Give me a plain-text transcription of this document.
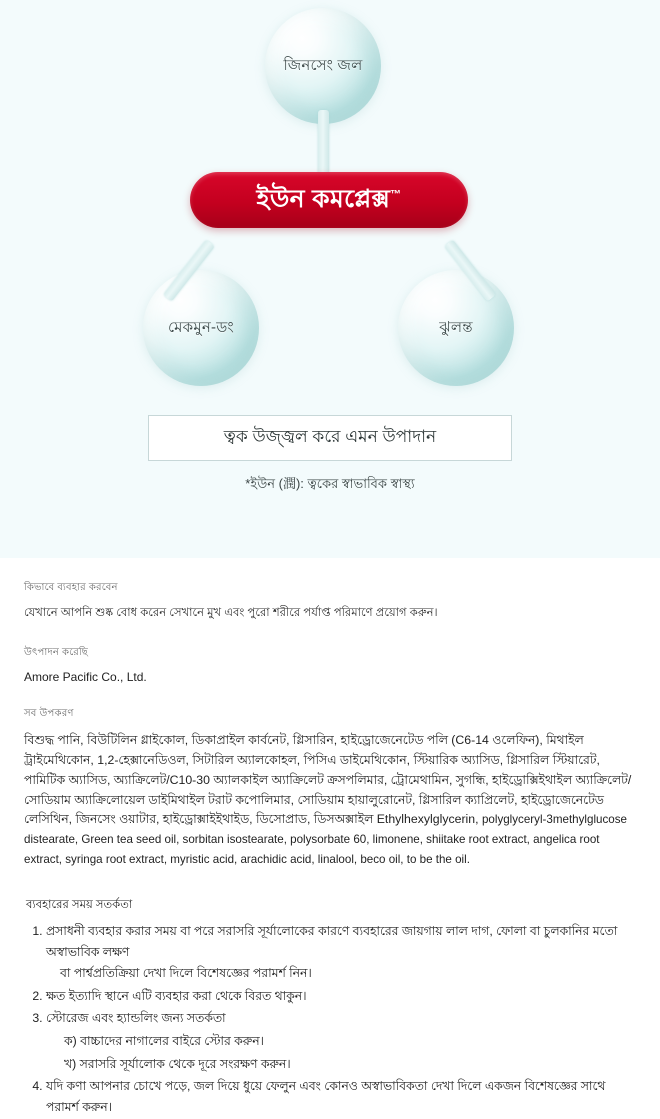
জিনসেং জল
মেকমুন-ডং	ঝুলন্ত
ইউন কমপ্লেক্স™
ত্বক উজ্জ্বল করে এমন উপাদান
*ইউন (潤): ত্বকের স্বাভাবিক স্বাস্থ্য

কিভাবে ব্যবহার করবেন

যেখানে আপনি শুষ্ক বোধ করেন সেখানে মুখ এবং পুরো শরীরে পর্যাপ্ত পরিমাণে প্রয়োগ করুন।

উৎপাদন করেছি

Amore Pacific Co., Ltd.

সব উপকরণ

বিশুদ্ধ পানি, বিউটিলিন গ্লাইকোল, ডিকাপ্রাইল কার্বনেট, গ্লিসারিন, হাইড্রোজেনেটেড পলি (C6-14 ওলেফিন), মিথাইল ট্রাইমেথিকোন, 1,2-হেক্সানেডিওল, সিটারিল অ্যালকোহল, পিসিএ ডাইমেথিকোন, স্টিয়ারিক অ্যাসিড, গ্লিসারিল স্টিয়ারেট, পামিটিক অ্যাসিড, অ্যাক্রিলেট/C10-30 অ্যালকাইল অ্যাক্রিলেট ক্রসপলিমার, ট্রোমেথামিন, সুগন্ধি, হাইড্রোক্সিইথাইল অ্যাক্রিলেট/সোডিয়াম অ্যাক্রিলোয়েল ডাইমিথাইল টরাট কপোলিমার, সোডিয়াম হায়ালুরোনেট, গ্লিসারিল ক্যাপ্রিলেট, হাইড্রোজেনেটেড লেসিথিন, জিনসেং ওয়াটার, হাইড্রোক্সাইইথাইড, ডিসোপ্রাড, ডিসঅক্সাইল Ethylhexylglycerin, polyglyceryl-3methylglucose distearate, Green tea seed oil, sorbitan isostearate, polysorbate 60, limonene, shiitake root extract, angelica root extract, syringa root extract, myristic acid, arachidic acid, linalool, beco oil, to be the oil.

ব্যবহারের সময় সতর্কতা

1. প্রসাধনী ব্যবহার করার সময় বা পরে সরাসরি সূর্যালোকের কারণে ব্যবহারের জায়গায় লাল দাগ, ফোলা বা চুলকানির মতো অস্বাভাবিক লক্ষণ
বা পার্শ্বপ্রতিক্রিয়া দেখা দিলে বিশেষজ্ঞের পরামর্শ নিন।
2. ক্ষত ইত্যাদি স্থানে এটি ব্যবহার করা থেকে বিরত থাকুন।
3. স্টোরেজ এবং হ্যান্ডলিং জন্য সতর্কতা
ক) বাচ্চাদের নাগালের বাইরে স্টোর করুন।
খ) সরাসরি সূর্যালোক থেকে দূরে সংরক্ষণ করুন।
4. যদি কণা আপনার চোখে পড়ে, জল দিয়ে ধুয়ে ফেলুন এবং কোনও অস্বাভাবিকতা দেখা দিলে একজন বিশেষজ্ঞের সাথে পরামর্শ করুন।
